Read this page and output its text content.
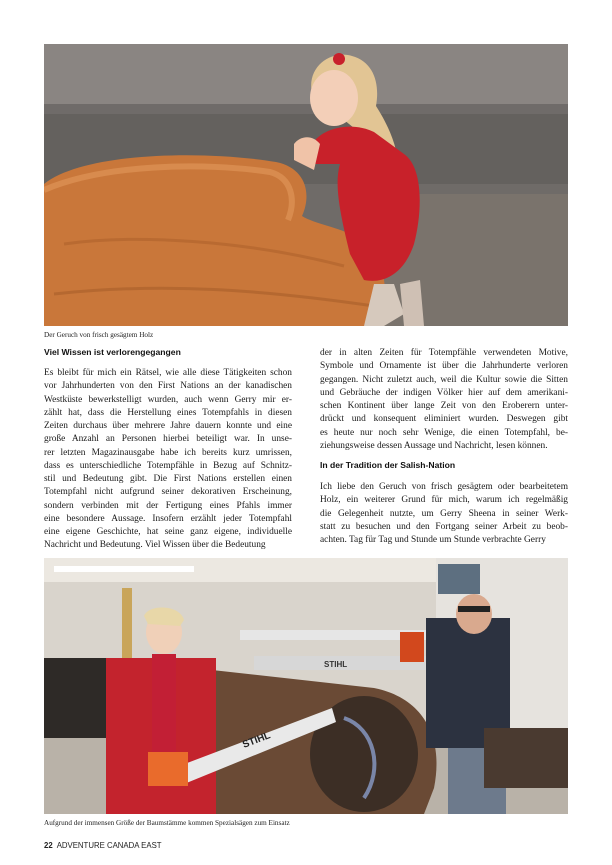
Der Geruch von frisch gesägtem Holz
Viel Wissen ist verlorengegangen
Es bleibt für mich ein Rätsel, wie alle diese Tätigkeiten schon
vor Jahrhunderten von den First Nations an der kanadischen
Westküste bewerkstelligt wurden, auch wenn Gerry mir er-
zählt hat, dass die Herstellung eines Totempfahls in diesen
Zeiten durchaus über mehrere Jahre dauern konnte und eine
große Anzahl an Personen hierbei beteiligt war. In unse-
rer letzten Magazinausgabe habe ich bereits kurz umrissen,
dass es unterschiedliche Totempfähle in Bezug auf Schnitz-
stil und Bedeutung gibt. Die First Nations erstellen einen
Totempfahl nicht aufgrund seiner dekorativen Erscheinung,
sondern verbinden mit der Fertigung eines Pfahls immer
eine besondere Aussage. Insofern erzählt jeder Totempfahl
eine eigene Geschichte, hat seine ganz eigene, individuelle
Nachricht und Bedeutung. Viel Wissen über die Bedeutung
der in alten Zeiten für Totempfähle verwendeten Motive,
Symbole und Ornamente ist über die Jahrhunderte verloren
gegangen. Nicht zuletzt auch, weil die Kultur sowie die Sitten
und Gebräuche der indigen Völker hier auf dem amerikani-
schen Kontinent über lange Zeit von den Eroberern unter-
drückt und konsequent eliminiert wurden. Deswegen gibt
es heute nur noch sehr Wenige, die einen Totempfahl, be-
ziehungsweise dessen Aussage und Nachricht, lesen können.
In der Tradition der Salish-Nation
Ich liebe den Geruch von frisch gesägtem oder bearbeitetem
Holz, ein weiterer Grund für mich, warum ich regelmäßig
die Gelegenheit nutzte, um Gerry Sheena in seiner Werk-
statt zu besuchen und den Fortgang seiner Arbeit zu beob-
achten. Tag für Tag und Stunde um Stunde verbrachte Gerry
STIHL
STIHL
Aufgrund der immensen Größe der Baumstämme kommen Spezialsägen zum Einsatz
22 ADVENTURE CANADA EAST
